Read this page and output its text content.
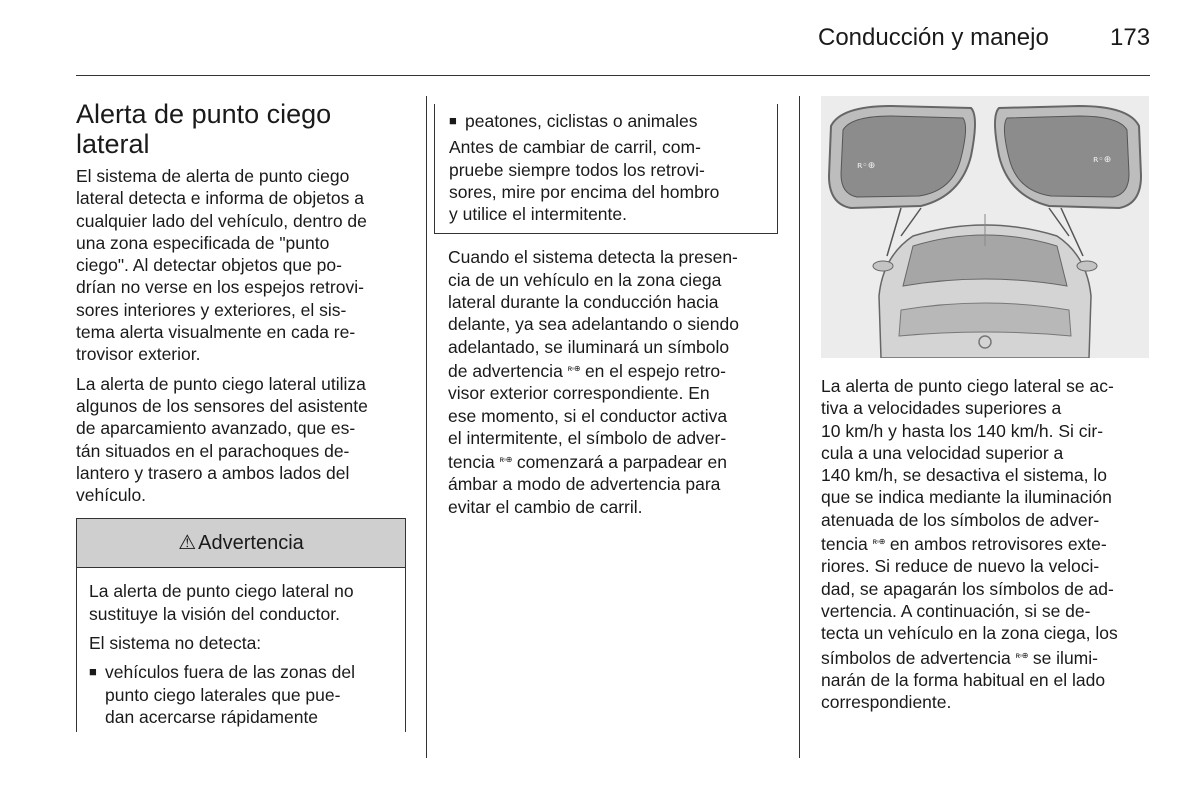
Conducción y manejo	173
Alerta de punto ciego lateral

El sistema de alerta de punto ciego
lateral detecta e informa de objetos a
cualquier lado del vehículo, dentro de
una zona especificada de "punto
ciego". Al detectar objetos que po-
drían no verse en los espejos retrovi-
sores interiores y exteriores, el sis-
tema alerta visualmente en cada re-
trovisor exterior.

La alerta de punto ciego lateral utiliza
algunos de los sensores del asistente
de aparcamiento avanzado, que es-
tán situados en el parachoques de-
lantero y trasero a ambos lados del
vehículo.

⚠ Advertencia

La alerta de punto ciego lateral no
sustituye la visión del conductor.

El sistema no detecta:

■ vehículos fuera de las zonas del
punto ciego laterales que pue-
dan acercarse rápidamente
■ peatones, ciclistas o animales

Antes de cambiar de carril, com-
pruebe siempre todos los retrovi-
sores, mire por encima del hombro
y utilice el intermitente.

Cuando el sistema detecta la presen-
cia de un vehículo en la zona ciega
lateral durante la conducción hacia
delante, ya sea adelantando o siendo
adelantado, se iluminará un símbolo
de advertencia $^{ʀ◦\oplus}$ en el espejo retro-
visor exterior correspondiente. En
ese momento, si el conductor activa
el intermitente, el símbolo de adver-
tencia $^{ʀ◦\oplus}$ comenzará a parpadear en
ámbar a modo de advertencia para
evitar el cambio de carril.

ʀ◦⊕
ʀ◦⊕

La alerta de punto ciego lateral se ac-
tiva a velocidades superiores a
10 km/h y hasta los 140 km/h. Si cir-
cula a una velocidad superior a
140 km/h, se desactiva el sistema, lo
que se indica mediante la iluminación
atenuada de los símbolos de adver-
tencia $^{ʀ◦\oplus}$ en ambos retrovisores exte-
riores. Si reduce de nuevo la veloci-
dad, se apagarán los símbolos de ad-
vertencia. A continuación, si se de-
tecta un vehículo en la zona ciega, los
símbolos de advertencia $^{ʀ◦\oplus}$ se ilumi-
narán de la forma habitual en el lado
correspondiente.
